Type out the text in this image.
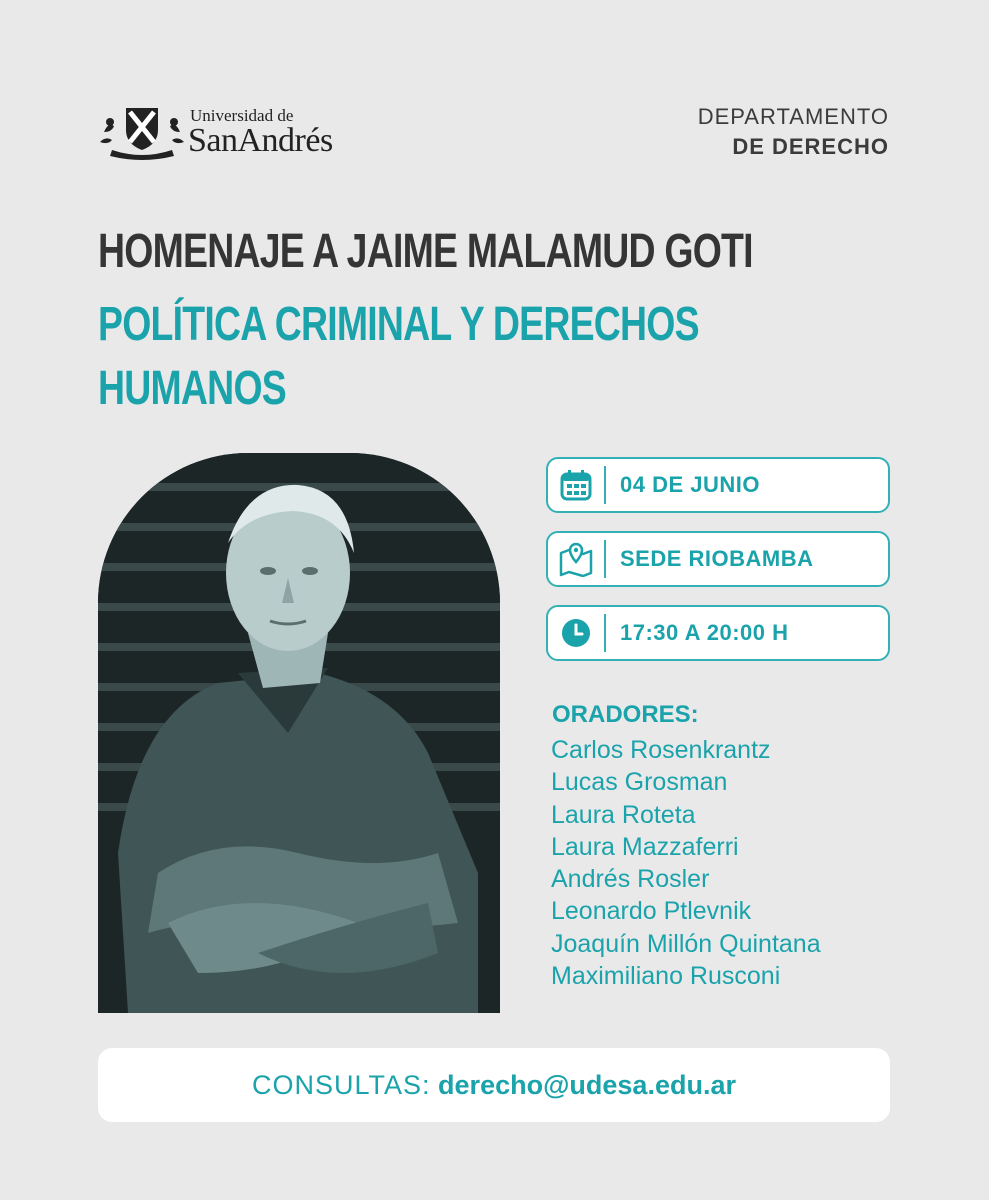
Universidad de
SanAndrés
DEPARTAMENTO
DE DERECHO
HOMENAJE A JAIME MALAMUD GOTI
POLÍTICA CRIMINAL Y DERECHOS
HUMANOS
04 DE JUNIO
SEDE RIOBAMBA
17:30 A 20:00 H
ORADORES:
Carlos Rosenkrantz
Lucas Grosman
Laura Roteta
Laura Mazzaferri
Andrés Rosler
Leonardo Ptlevnik
Joaquín Millón Quintana
Maximiliano Rusconi
CONSULTAS: derecho@udesa.edu.ar
